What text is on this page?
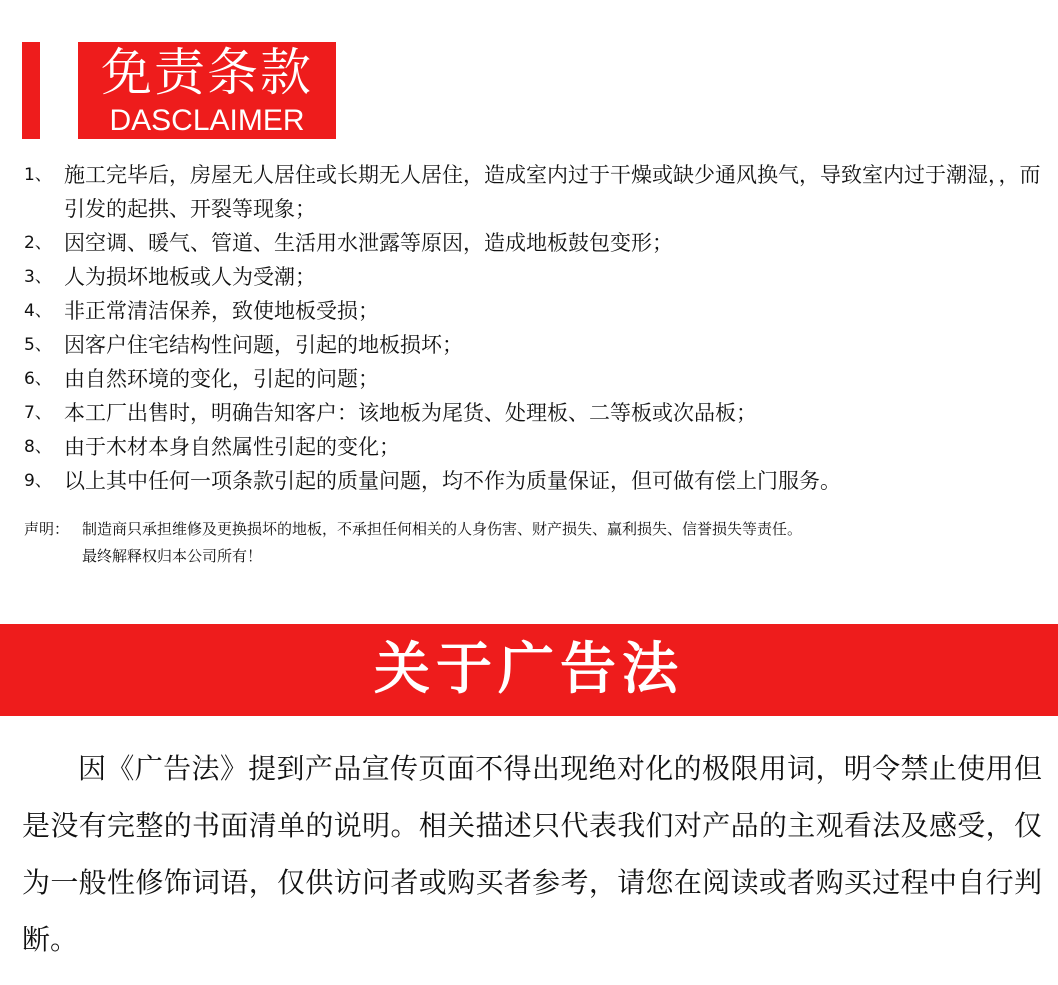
免责条款
DASCLAIMER
1、 施工完毕后，房屋无人居住或长期无人居住，造成室内过于干燥或缺少通风换气，导致室内过于潮湿，，而引发的起拱、开裂等现象；
2、 因空调、暖气、管道、生活用水泄露等原因，造成地板鼓包变形；
3、 人为损坏地板或人为受潮；
4、 非正常清洁保养，致使地板受损；
5、 因客户住宅结构性问题，引起的地板损坏；
6、 由自然环境的变化，引起的问题；
7、 本工厂出售时，明确告知客户：该地板为尾货、处理板、二等板或次品板；
8、 由于木材本身自然属性引起的变化；
9、 以上其中任何一项条款引起的质量问题，均不作为质量保证，但可做有偿上门服务。
声明： 制造商只承担维修及更换损坏的地板，不承担任何相关的人身伤害、财产损失、赢利损失、信誉损失等责任。
最终解释权归本公司所有！
关于广告法
因《广告法》提到产品宣传页面不得出现绝对化的极限用词，明令禁止使用但是没有完整的书面清单的说明。相关描述只代表我们对产品的主观看法及感受，仅为一般性修饰词语，仅供访问者或购买者参考，请您在阅读或者购买过程中自行判断。
